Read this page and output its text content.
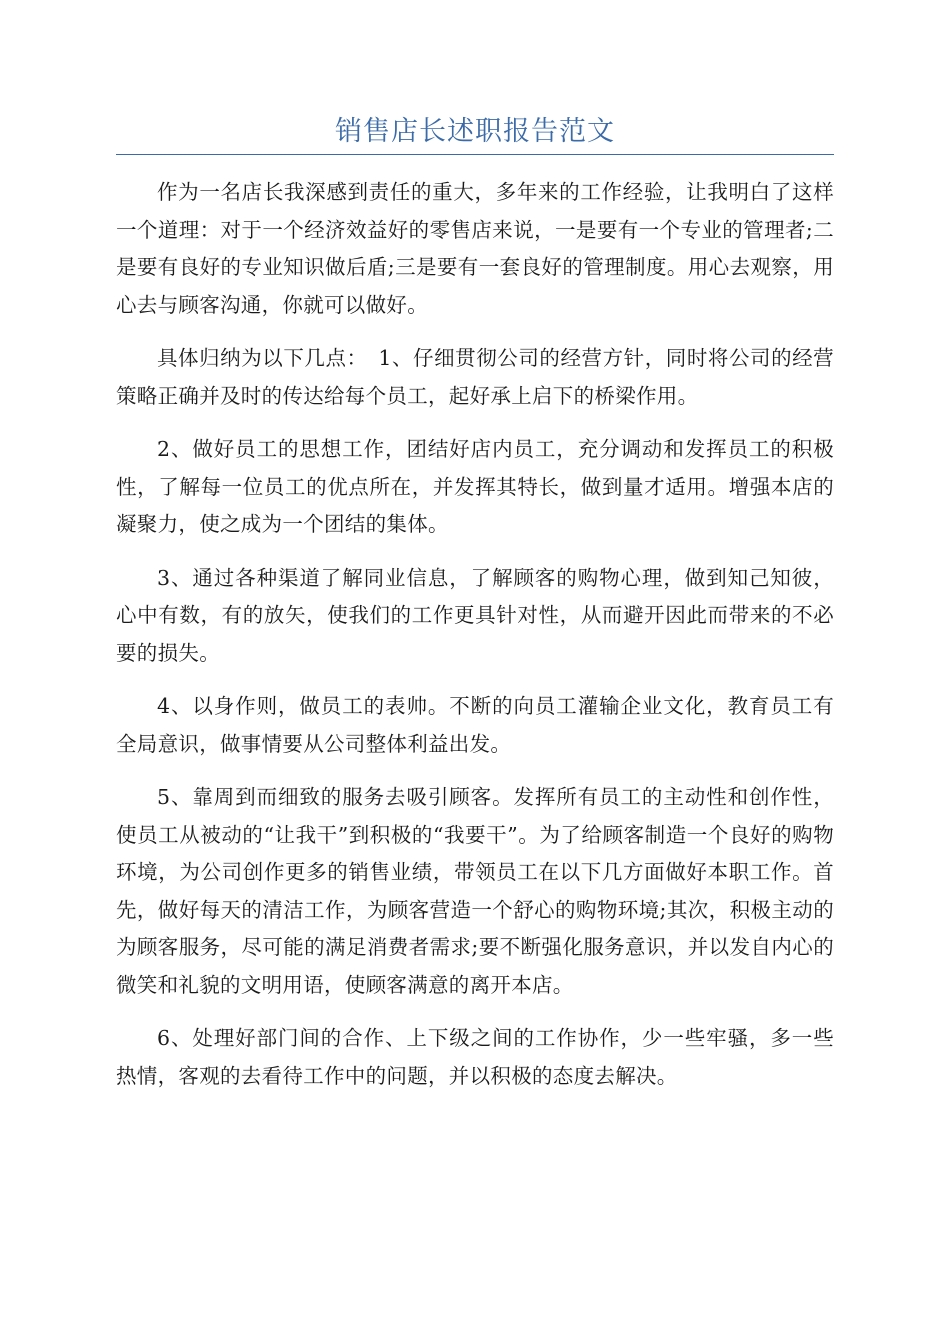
销售店长述职报告范文

作为一名店长我深感到责任的重大，多年来的工作经验，让我明白了这样一个道理：对于一个经济效益好的零售店来说，一是要有一个专业的管理者;二是要有良好的专业知识做后盾;三是要有一套良好的管理制度。用心去观察，用心去与顾客沟通，你就可以做好。

具体归纳为以下几点：　1、仔细贯彻公司的经营方针，同时将公司的经营策略正确并及时的传达给每个员工，起好承上启下的桥梁作用。

2、做好员工的思想工作，团结好店内员工，充分调动和发挥员工的积极性，了解每一位员工的优点所在，并发挥其特长，做到量才适用。增强本店的凝聚力，使之成为一个团结的集体。

3、通过各种渠道了解同业信息，了解顾客的购物心理，做到知己知彼，心中有数，有的放矢，使我们的工作更具针对性，从而避开因此而带来的不必要的损失。

4、以身作则，做员工的表帅。不断的向员工灌输企业文化，教育员工有全局意识，做事情要从公司整体利益出发。

5、靠周到而细致的服务去吸引顾客。发挥所有员工的主动性和创作性，使员工从被动的“让我干”到积极的“我要干”。为了给顾客制造一个良好的购物环境，为公司创作更多的销售业绩，带领员工在以下几方面做好本职工作。首先，做好每天的清洁工作，为顾客营造一个舒心的购物环境;其次，积极主动的为顾客服务，尽可能的满足消费者需求;要不断强化服务意识，并以发自内心的微笑和礼貌的文明用语，使顾客满意的离开本店。

6、处理好部门间的合作、上下级之间的工作协作，少一些牢骚，多一些热情，客观的去看待工作中的问题，并以积极的态度去解决。
